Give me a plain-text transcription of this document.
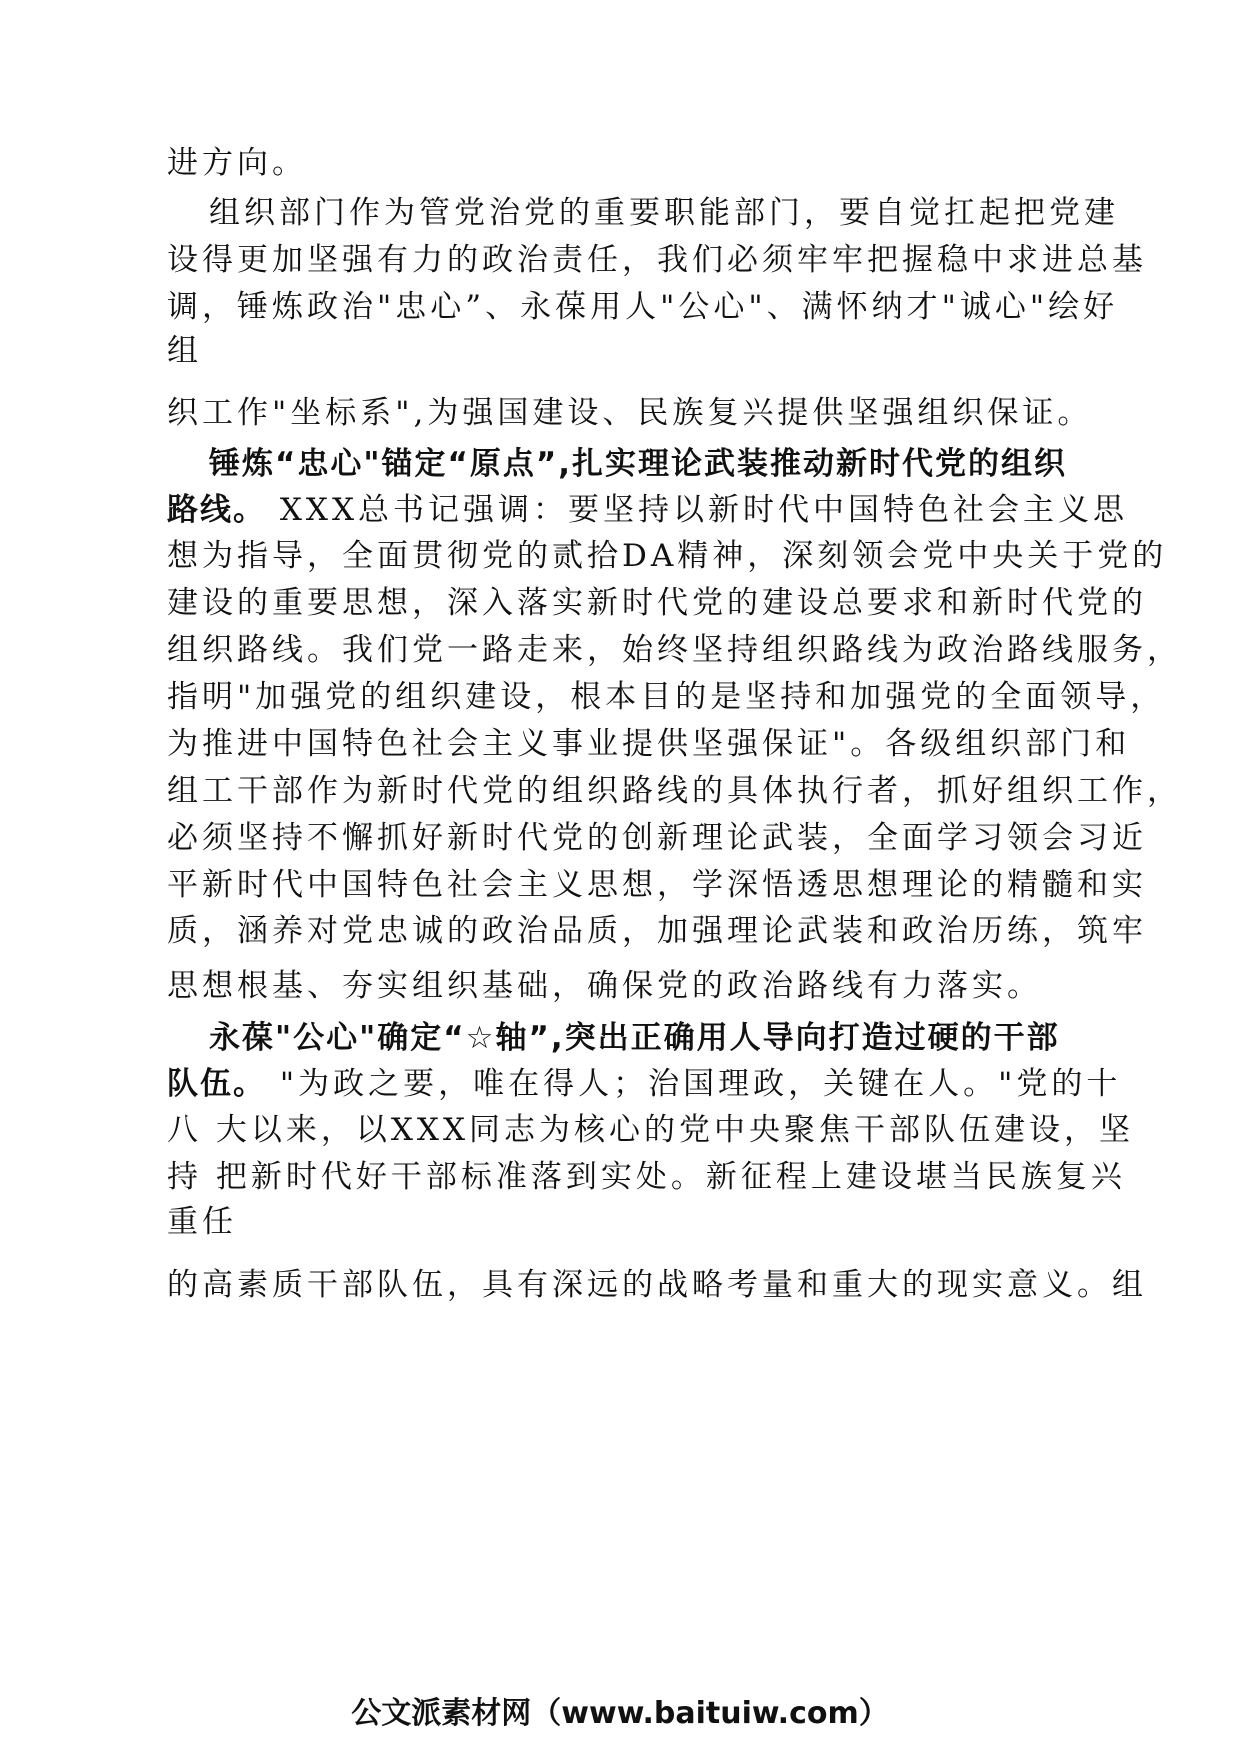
进方向。

组织部门作为管党治党的重要职能部门，要自觉扛起把党建

设得更加坚强有力的政治责任，我们必须牢牢把握稳中求进总基

调，锤炼政治"忠心”、永葆用人"公心"、满怀纳才"诚心"绘好

组

织工作"坐标系",为强国建设、民族复兴提供坚强组织保证。

锤炼“忠心"锚定“原点”,扎实理论武装推动新时代党的组织

路线。 XXX总书记强调：要坚持以新时代中国特色社会主义思

想为指导，全面贯彻党的贰拾DA精神，深刻领会党中央关于党的

建设的重要思想，深入落实新时代党的建设总要求和新时代党的

组织路线。我们党一路走来，始终坚持组织路线为政治路线服务，

指明"加强党的组织建设，根本目的是坚持和加强党的全面领导，

为推进中国特色社会主义事业提供坚强保证"。各级组织部门和

组工干部作为新时代党的组织路线的具体执行者，抓好组织工作，

必须坚持不懈抓好新时代党的创新理论武装，全面学习领会习近

平新时代中国特色社会主义思想，学深悟透思想理论的精髓和实

质，涵养对党忠诚的政治品质，加强理论武装和政治历练，筑牢

思想根基、夯实组织基础，确保党的政治路线有力落实。

永葆"公心"确定“☆轴”,突出正确用人导向打造过硬的干部

队伍。 "为政之要，唯在得人；治国理政，关键在人。"党的十

八 大以来，以XXX同志为核心的党中央聚焦干部队伍建设，坚

持 把新时代好干部标准落到实处。新征程上建设堪当民族复兴

重任

的高素质干部队伍，具有深远的战略考量和重大的现实意义。组

公文派素材网（www.baituiw.com）
